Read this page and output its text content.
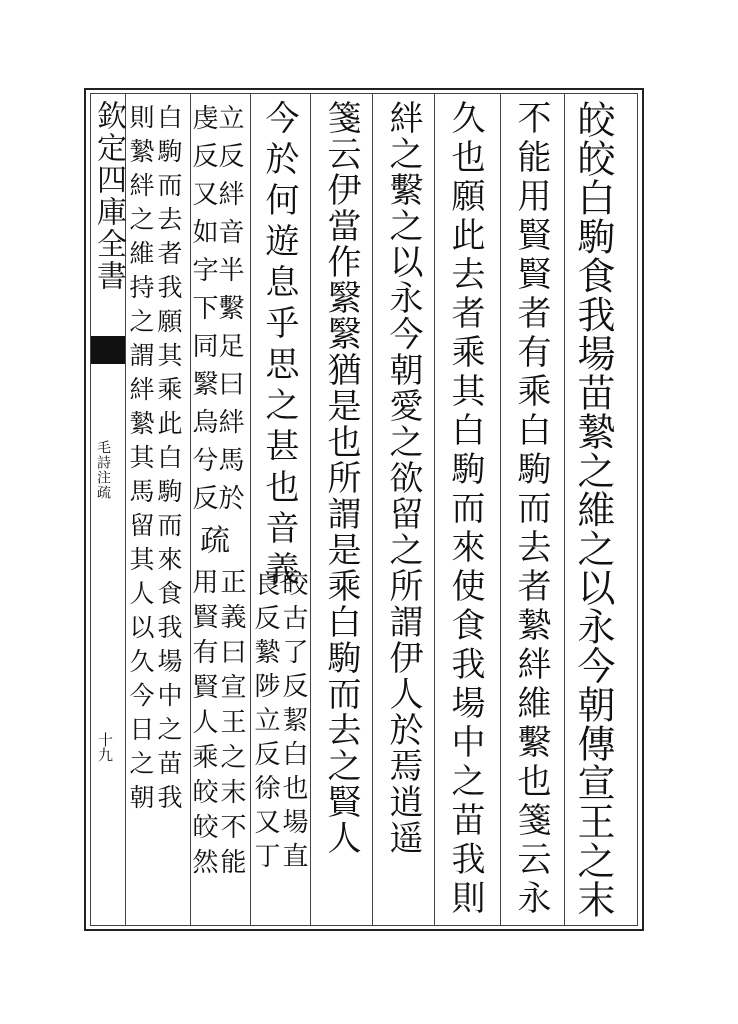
欽定四庫全書
毛詩注疏
十九	皎皎白駒食我場苗縶之維之以永今朝傳宣王之末
不能用賢賢者有乘白駒而去者縶絆維繫也箋云永
久也願此去者乘其白駒而來使食我場中之苗我則
絆之繫之以永今朝愛之欲留之所謂伊人於焉逍遥
箋云伊當作繄繄猶是也所謂是乘白駒而去之賢人
今於何遊息乎思之甚也音義
良反縶陟立反徐又丁
皎古了反絜白也場直
立反絆音半繫足曰絆馬於
虔反又如字下同繄烏兮反
疏
用賢有賢人乘皎皎然
正義曰宣王之末不能
白駒而去者我願其乘此白駒而來食我場中之苗我
則縶絆之維持之謂絆縶其馬留其人以久今日之朝
